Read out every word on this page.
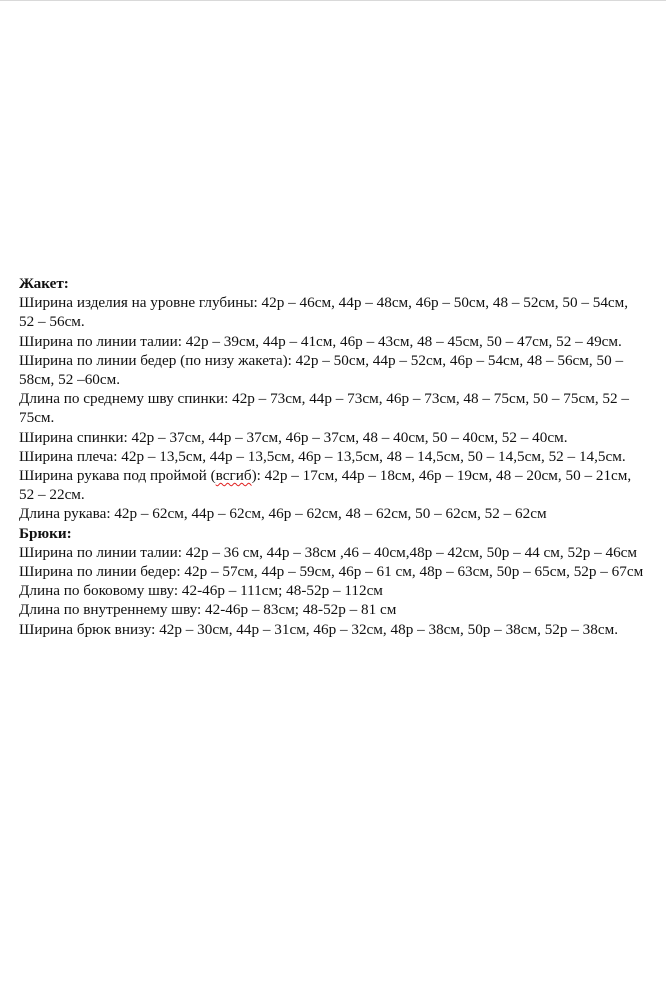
Жакет:
Ширина изделия на уровне глубины: 42р – 46см, 44р – 48см, 46р – 50см, 48 – 52см, 50 – 54см, 52 – 56см.
Ширина по линии талии: 42р – 39см, 44р – 41см, 46р – 43см, 48 – 45см, 50 – 47см, 52 – 49см.
Ширина по линии бедер (по низу жакета): 42р – 50см, 44р – 52см, 46р – 54см, 48 – 56см, 50 – 58см, 52 –60см.
Длина по среднему шву спинки: 42р – 73см, 44р – 73см, 46р – 73см, 48 – 75см, 50 – 75см, 52 – 75см.
Ширина спинки: 42р – 37см, 44р – 37см, 46р – 37см, 48 – 40см, 50 – 40см, 52 – 40см.
Ширина плеча: 42р – 13,5см, 44р – 13,5см, 46р – 13,5см, 48 – 14,5см, 50 – 14,5см, 52 – 14,5см.
Ширина рукава под проймой (всгиб): 42р – 17см, 44р – 18см, 46р – 19см, 48 – 20см, 50 – 21см, 52 – 22см.
Длина рукава: 42р – 62см, 44р – 62см, 46р – 62см, 48 – 62см, 50 – 62см, 52 – 62см
Брюки:
Ширина по линии талии: 42р – 36 см, 44р – 38см ,46 – 40см,48р – 42см, 50р – 44 см, 52р – 46см
Ширина по линии бедер: 42р – 57см, 44р – 59см, 46р – 61 см, 48р – 63см, 50р – 65см, 52р – 67см
Длина по боковому шву: 42-46р – 111см; 48-52р – 112см
Длина по внутреннему шву: 42-46р – 83см; 48-52р – 81 см
Ширина брюк внизу: 42р – 30см, 44р – 31см, 46р – 32см, 48р – 38см, 50р – 38см, 52р – 38см.
